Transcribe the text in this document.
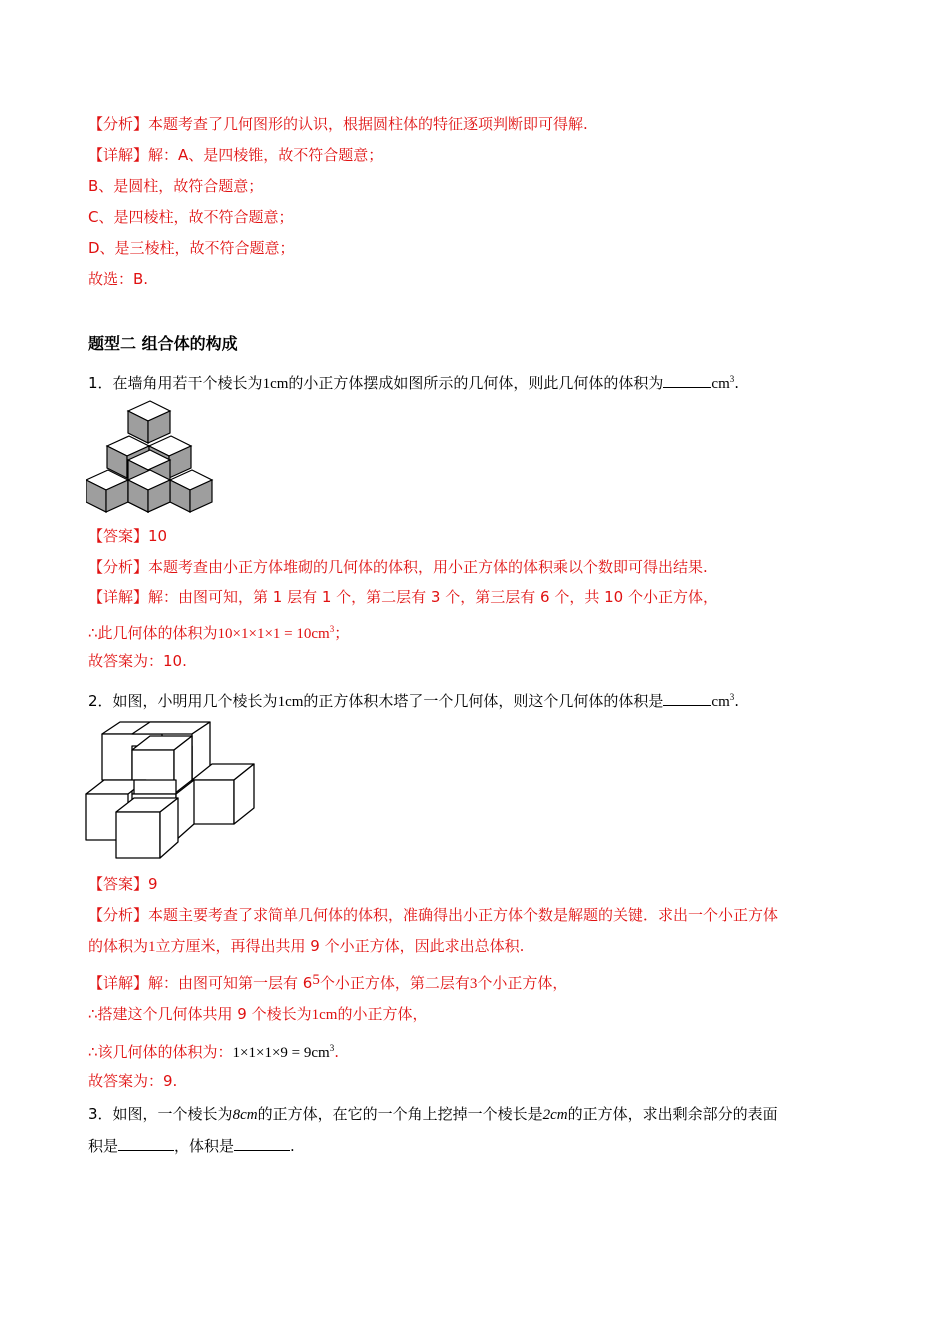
【分析】本题考查了几何图形的认识，根据圆柱体的特征逐项判断即可得解.
【详解】解：A、是四棱锥，故不符合题意；
B、是圆柱，故符合题意；
C、是四棱柱，故不符合题意；
D、是三棱柱，故不符合题意；
故选：B.
题型二 组合体的构成
1．在墙角用若干个棱长为1cm的小正方体摆成如图所示的几何体，则此几何体的体积为	$cm^3$.
【答案】10
【分析】本题考查由小正方体堆砌的几何体的体积，用小正方体的体积乘以个数即可得出结果.
【详解】解：由图可知，第 1 层有 1 个，第二层有 3 个，第三层有 6 个，共 10 个小正方体，
∴此几何体的体积为$10\times 1\times 1\times 1 = 10cm^3$；
故答案为：10.
2．如图，小明用几个棱长为1cm的正方体积木塔了一个几何体，则这个几何体的体积是	$cm^3$.
【答案】9
【分析】本题主要考查了求简单几何体的体积，准确得出小正方体个数是解题的关键．求出一个小正方体
的体积为1立方厘米，再得出共用 9 个小正方体，因此求出总体积.
【详解】解：由图可知第一层有 65个小正方体，第二层有3个小正方体，
∴搭建这个几何体共用 9 个棱长为1cm的小正方体，
∴该几何体的体积为：$1\times 1\times 1\times 9 = 9cm^3$.
故答案为：9.
3．如图，一个棱长为8cm的正方体，在它的一个角上挖掉一个棱长是2cm的正方体，求出剩余部分的表面
积是	，体积是	.
